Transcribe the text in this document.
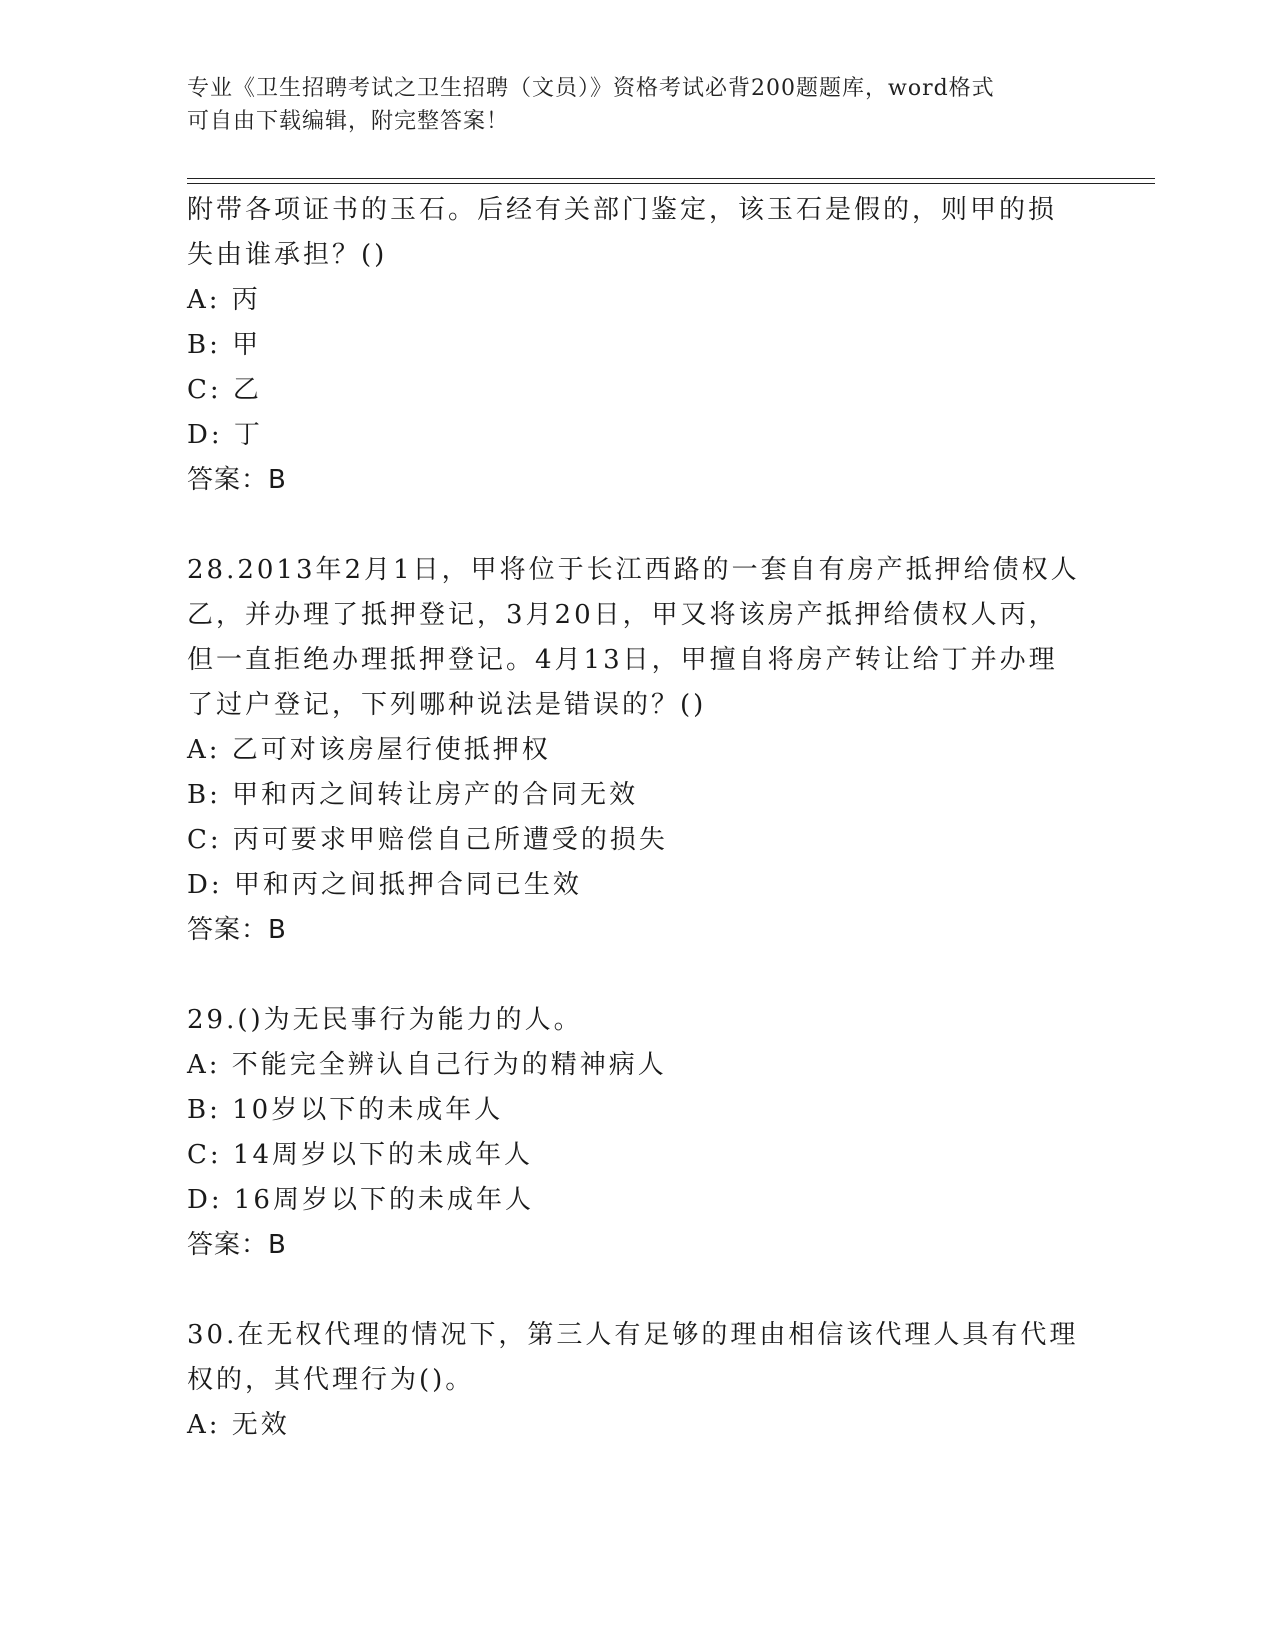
专业《卫生招聘考试之卫生招聘（文员）》资格考试必背200题题库，word格式
可自由下载编辑，附完整答案！

附带各项证书的玉石。后经有关部门鉴定，该玉石是假的，则甲的损

失由谁承担？()

A: 丙

B: 甲

C: 乙

D: 丁

答案：B

28.2013年2月1日，甲将位于长江西路的一套自有房产抵押给债权人

乙，并办理了抵押登记，3月20日，甲又将该房产抵押给债权人丙，

但一直拒绝办理抵押登记。4月13日，甲擅自将房产转让给丁并办理

了过户登记，下列哪种说法是错误的？()

A: 乙可对该房屋行使抵押权

B: 甲和丙之间转让房产的合同无效

C: 丙可要求甲赔偿自己所遭受的损失

D: 甲和丙之间抵押合同已生效

答案：B

29.()为无民事行为能力的人。

A: 不能完全辨认自己行为的精神病人

B: 10岁以下的未成年人

C: 14周岁以下的未成年人

D: 16周岁以下的未成年人

答案：B

30.在无权代理的情况下，第三人有足够的理由相信该代理人具有代理

权的，其代理行为()。

A: 无效
